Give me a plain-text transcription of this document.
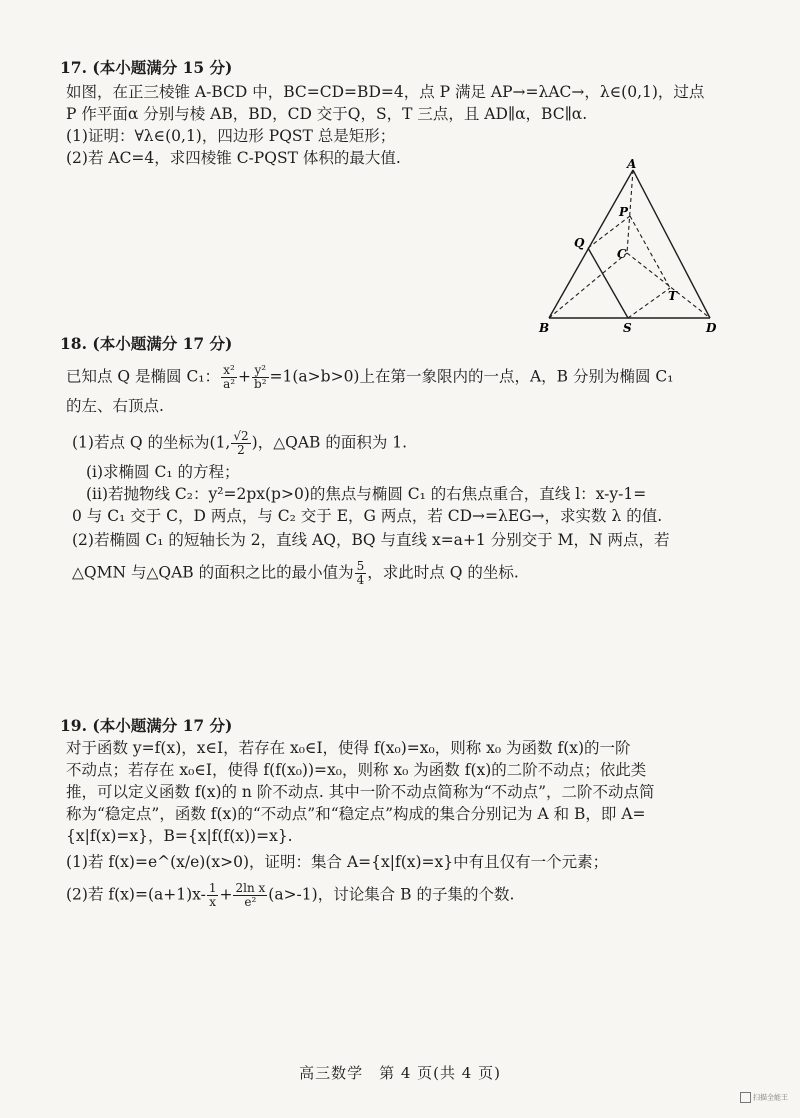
17. (本小题满分 15 分)
如图，在正三棱锥 A-BCD 中，BC=CD=BD=4，点 P 满足 AP→=λAC→，λ∈(0,1)，过点
P 作平面α 分别与棱 AB，BD，CD 交于Q，S，T 三点，且 AD∥α，BC∥α.
(1)证明：∀λ∈(0,1)，四边形 PQST 总是矩形；
(2)若 AC=4，求四棱锥 C-PQST 体积的最大值.	A
B
C
D
P
Q
S
T
18. (本小题满分 17 分)
已知点 Q 是椭圆 C₁： $\frac{\text{x²}}{\text{a²}} + \frac{\text{y²}}{\text{b²}} =1(a>b>0)$上在第一象限内的一点，A，B 分别为椭圆 C₁
的左、右顶点.
(1)若点 Q 的坐标为(1, $\frac{√2}{2}$ )，△QAB 的面积为 1.
(i)求椭圆 C₁ 的方程；
(ii)若抛物线 C₂：y²=2px(p>0)的焦点与椭圆 C₁ 的右焦点重合，直线 l：x-y-1=
0 与 C₁ 交于 C，D 两点，与 C₂ 交于 E，G 两点，若 CD→=λEG→，求实数 λ 的值.
(2)若椭圆 C₁ 的短轴长为 2，直线 AQ，BQ 与直线 x=a+1 分别交于 M，N 两点，若
△QMN 与△QAB 的面积之比的最小值为 $\frac{5}{4}$ ，求此时点 Q 的坐标.
19. (本小题满分 17 分)
对于函数 y=f(x)，x∈I，若存在 x₀∈I，使得 f(x₀)=x₀，则称 x₀ 为函数 f(x)的一阶
不动点；若存在 x₀∈I，使得 f(f(x₀))=x₀，则称 x₀ 为函数 f(x)的二阶不动点；依此类
推，可以定义函数 f(x)的 n 阶不动点. 其中一阶不动点简称为“不动点”，二阶不动点简
称为“稳定点”，函数 f(x)的“不动点”和“稳定点”构成的集合分别记为 A 和 B，即 A=
{x|f(x)=x}，B={x|f(f(x))=x}.
(1)若 f(x)=e^(x/e)(x>0)，证明：集合 A={x|f(x)=x}中有且仅有一个元素；
(2)若 $f(x)=(a+1)x- \frac{1}{x} + \frac{\text{2ln x}}{\text{e²}} (a>-1)$，讨论集合 B 的子集的个数.
高三数学　第 4 页(共 4 页)
扫描全能王
